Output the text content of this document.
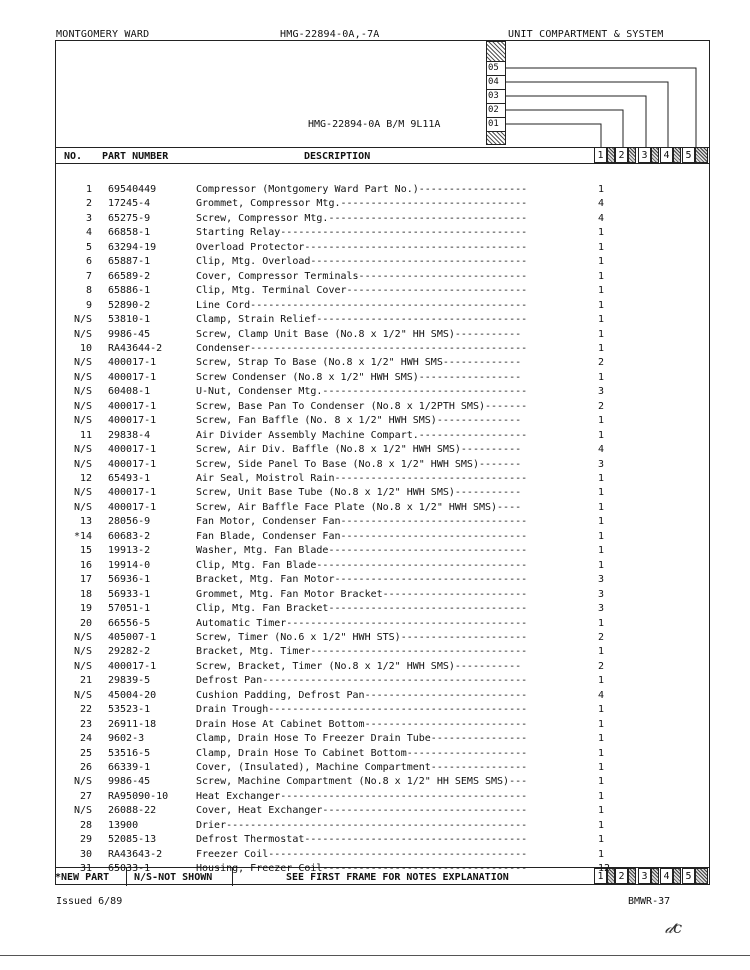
MONTGOMERY WARD	HMG-22894-0A,-7A	UNIT COMPARTMENT & SYSTEM
05
04
03
02
01
HMG-22894-0A B/M 9L11A
NO. PART NUMBER	DESCRIPTION	1	2	3	4	5
*NEW PART N/S-NOT SHOWN	SEE FIRST FRAME FOR NOTES EXPLANATION	1	2	3	4	5
1 69540449	Compressor (Montgomery Ward Part No.)------------------	1
2 17245-4	Grommet, Compressor Mtg.-------------------------------	4
3 65275-9	Screw, Compressor Mtg.---------------------------------	4
4 66858-1	Starting Relay-----------------------------------------	1
5 63294-19	Overload Protector-------------------------------------	1
6 65887-1	Clip, Mtg. Overload------------------------------------	1
7 66589-2	Cover, Compressor Terminals----------------------------	1
8 65886-1	Clip, Mtg. Terminal Cover------------------------------	1
9 52890-2	Line Cord----------------------------------------------	1
N/S 53810-1	Clamp, Strain Relief-----------------------------------	1
N/S 9986-45	Screw, Clamp Unit Base (No.8 x 1/2" HH SMS)-----------	1
10 RA43644-2	Condenser----------------------------------------------	1
N/S 400017-1	Screw, Strap To Base (No.8 x 1/2" HWH SMS-------------	2
N/S 400017-1	Screw Condenser (No.8 x 1/2" HWH SMS)-----------------	1
N/S 60408-1	U-Nut, Condenser Mtg.----------------------------------	3
N/S 400017-1	Screw, Base Pan To Condenser (No.8 x 1/2PTH SMS)-------	2
N/S 400017-1	Screw, Fan Baffle (No. 8 x 1/2" HWH SMS)--------------	1
11 29838-4	Air Divider Assembly Machine Compart.------------------	1
N/S 400017-1	Screw, Air Div. Baffle (No.8 x 1/2" HWH SMS)----------	4
N/S 400017-1	Screw, Side Panel To Base (No.8 x 1/2" HWH SMS)-------	3
12 65493-1	Air Seal, Moistrol Rain--------------------------------	1
N/S 400017-1	Screw, Unit Base Tube (No.8 x 1/2" HWH SMS)-----------	1
N/S 400017-1	Screw, Air Baffle Face Plate (No.8 x 1/2" HWH SMS)----	1
13 28056-9	Fan Motor, Condenser Fan-------------------------------	1
*14 60683-2	Fan Blade, Condenser Fan-------------------------------	1
15 19913-2	Washer, Mtg. Fan Blade---------------------------------	1
16 19914-0	Clip, Mtg. Fan Blade-----------------------------------	1
17 56936-1	Bracket, Mtg. Fan Motor--------------------------------	3
18 56933-1	Grommet, Mtg. Fan Motor Bracket------------------------	3
19 57051-1	Clip, Mtg. Fan Bracket---------------------------------	3
20 66556-5	Automatic Timer----------------------------------------	1
N/S 405007-1	Screw, Timer (No.6 x 1/2" HWH STS)---------------------	2
N/S 29282-2	Bracket, Mtg. Timer------------------------------------	1
N/S 400017-1	Screw, Bracket, Timer (No.8 x 1/2" HWH SMS)-----------	2
21 29839-5	Defrost Pan--------------------------------------------	1
N/S 45004-20	Cushion Padding, Defrost Pan---------------------------	4
22 53523-1	Drain Trough-------------------------------------------	1
23 26911-18	Drain Hose At Cabinet Bottom---------------------------	1
24 9602-3	Clamp, Drain Hose To Freezer Drain Tube----------------	1
25 53516-5	Clamp, Drain Hose To Cabinet Bottom--------------------	1
26 66339-1	Cover, (Insulated), Machine Compartment----------------	1
N/S 9986-45	Screw, Machine Compartment (No.8 x 1/2" HH SEMS SMS)---	1
27 RA95090-10	Heat Exchanger-----------------------------------------	1
N/S 26088-22	Cover, Heat Exchanger----------------------------------	1
28 13900	Drier--------------------------------------------------	1
29 52085-13	Defrost Thermostat-------------------------------------	1
30 RA43643-2	Freezer Coil-------------------------------------------	1
31 65033-1	Housing, Freezer Coil----------------------------------	12
Issued 6/89	BMWR-37
𝒹c
